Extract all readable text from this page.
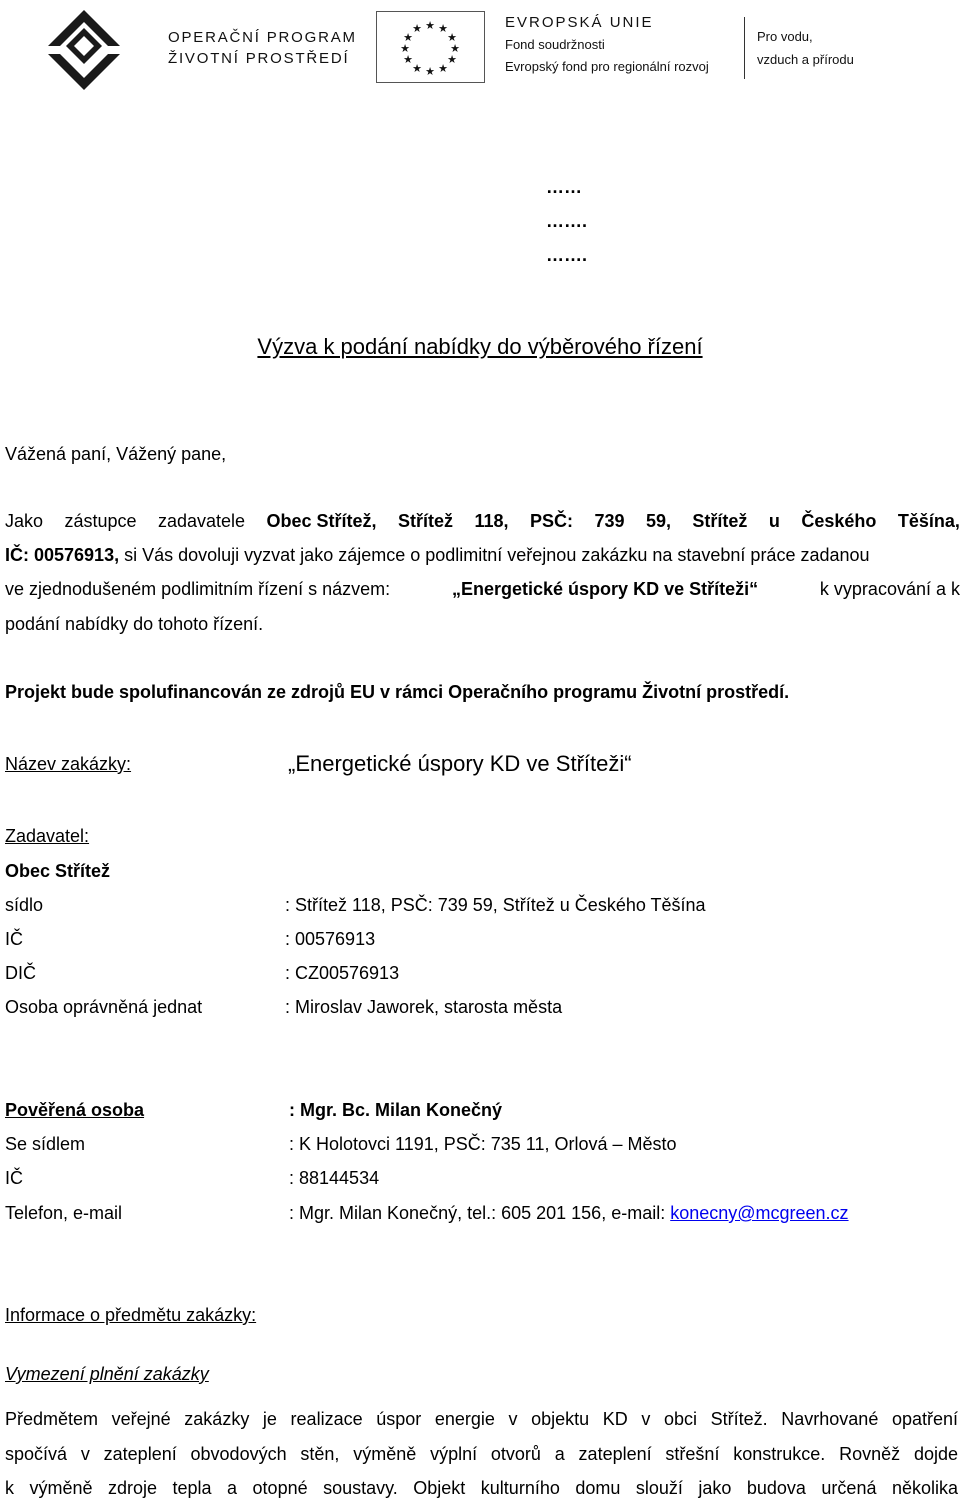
OPERAČNÍ PROGRAM
ŽIVOTNÍ PROSTŘEDÍ
★ ★
★
★
★
★
★
★
★
★
★
★	EVROPSKÁ UNIE
Fond soudržnosti
Evropský fond pro regionální rozvoj
Pro vodu,
vzduch a přírodu
……
…….
…….
Výzva k podání nabídky do výběrového řízení
Vážená paní, Vážený pane,
Jako zástupce zadavatele Obec Střítež, Střítež 118, PSČ: 739 59, Střítež u Českého Těšína,
IČ: 00576913, si Vás dovoluji vyzvat jako zájemce o podlimitní veřejnou zakázku na stavební práce zadanou
ve zjednodušeném podlimitním řízení s názvem:	„Energetické úspory KD ve Stříteži“	k vypracování a k
podání nabídky do tohoto řízení.
Projekt bude spolufinancován ze zdrojů EU v rámci Operačního programu Životní prostředí.
Název zakázky:	„Energetické úspory KD ve Stříteži“
Zadavatel:
Obec Střítež
sídlo	: Střítež 118, PSČ: 739 59, Střítež u Českého Těšína
IČ	: 00576913
DIČ	: CZ00576913
Osoba oprávněná jednat	: Miroslav Jaworek, starosta města
Pověřená osoba	: Mgr. Bc. Milan Konečný
Se sídlem	: K Holotovci 1191, PSČ: 735 11, Orlová – Město
IČ	: 88144534
Telefon, e-mail	: Mgr. Milan Konečný, tel.: 605 201 156, e-mail: konecny@mcgreen.cz
Informace o předmětu zakázky:
Vymezení plnění zakázky
Předmětem veřejné zakázky je realizace úspor energie v objektu KD v obci Střítež. Navrhované opatření
spočívá v zateplení obvodových stěn, výměně výplní otvorů a zateplení střešní konstrukce. Rovněž dojde
k výměně zdroje tepla a otopné soustavy. Objekt kulturního domu slouží jako budova určená několika
